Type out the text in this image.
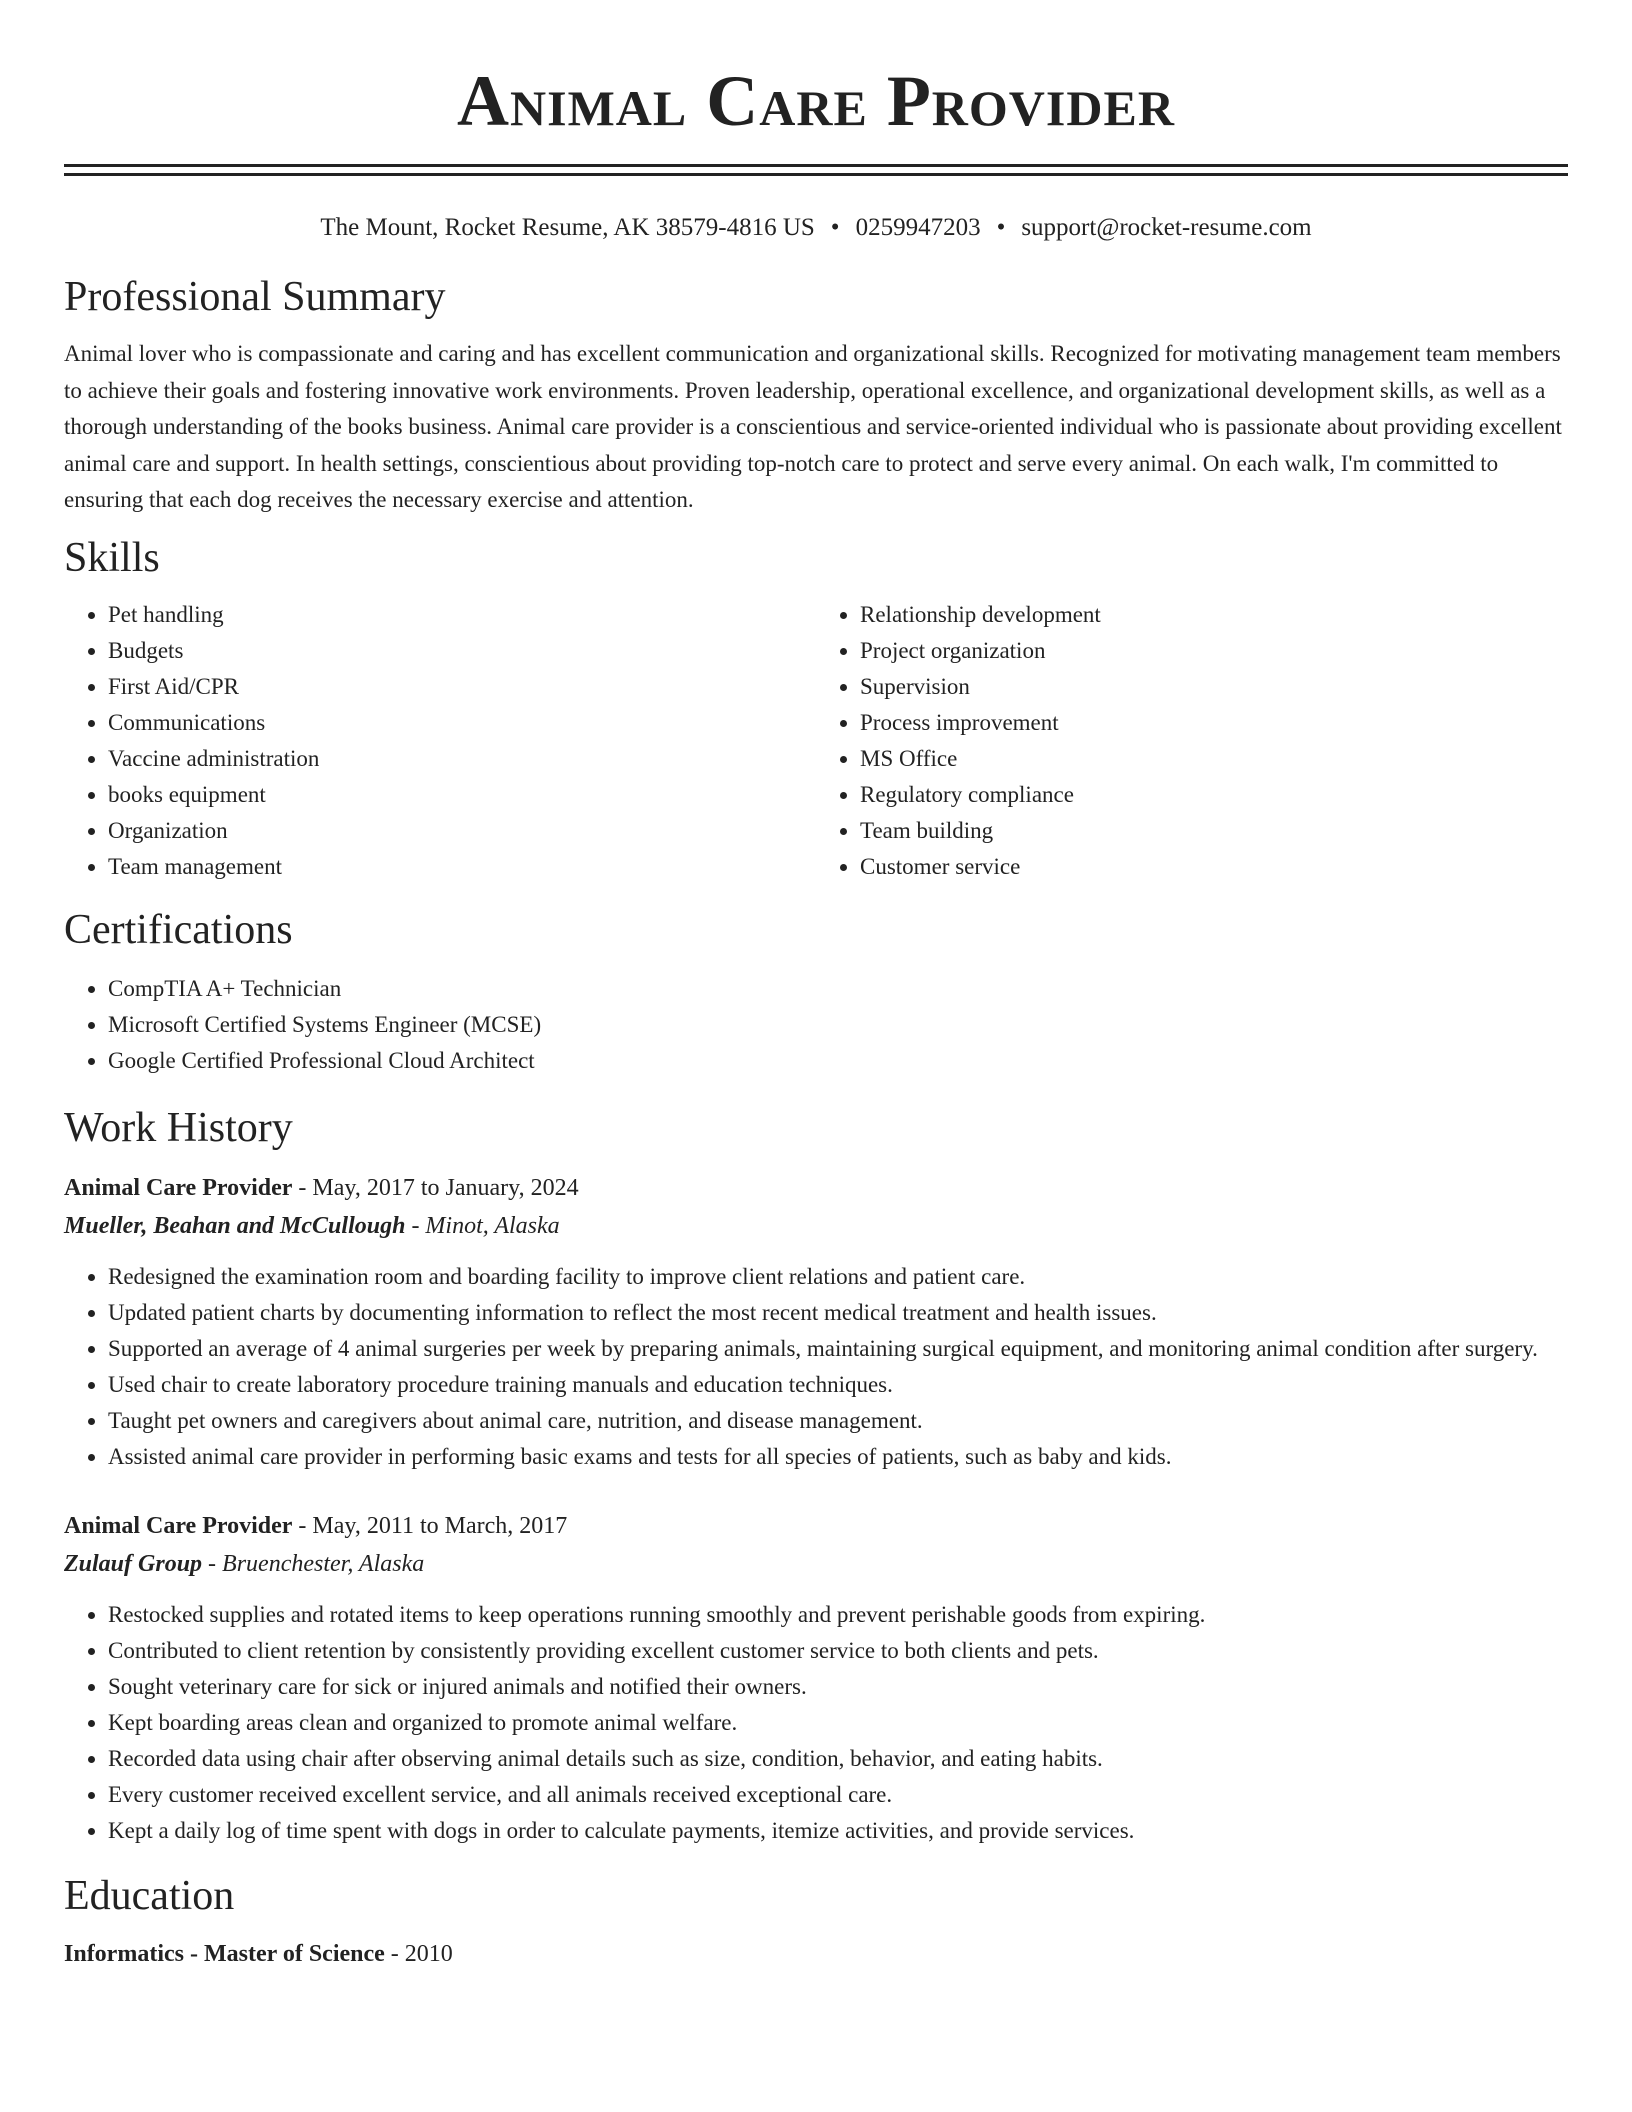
Animal Care Provider
The Mount, Rocket Resume, AK 38579-4816 US • 0259947203 • support@rocket-resume.com
Professional Summary

Animal lover who is compassionate and caring and has excellent communication and organizational skills. Recognized for motivating management team members to achieve their goals and fostering innovative work environments. Proven leadership, operational excellence, and organizational development skills, as well as a thorough understanding of the books business. Animal care provider is a conscientious and service-oriented individual who is passionate about providing excellent animal care and support. In health settings, conscientious about providing top-notch care to protect and serve every animal. On each walk, I'm committed to ensuring that each dog receives the necessary exercise and attention.

Skills
• Pet handling
• Budgets
• First Aid/CPR
• Communications
• Vaccine administration
• books equipment
• Organization
• Team management
• Relationship development
• Project organization
• Supervision
• Process improvement
• MS Office
• Regulatory compliance
• Team building
• Customer service
Certifications
• CompTIA A+ Technician
• Microsoft Certified Systems Engineer (MCSE)
• Google Certified Professional Cloud Architect
Work History
Animal Care Provider - May, 2017 to January, 2024
Mueller, Beahan and McCullough - Minot, Alaska
• Redesigned the examination room and boarding facility to improve client relations and patient care.
• Updated patient charts by documenting information to reflect the most recent medical treatment and health issues.
• Supported an average of 4 animal surgeries per week by preparing animals, maintaining surgical equipment, and monitoring animal condition after surgery.
• Used chair to create laboratory procedure training manuals and education techniques.
• Taught pet owners and caregivers about animal care, nutrition, and disease management.
• Assisted animal care provider in performing basic exams and tests for all species of patients, such as baby and kids.
Animal Care Provider - May, 2011 to March, 2017
Zulauf Group - Bruenchester, Alaska
• Restocked supplies and rotated items to keep operations running smoothly and prevent perishable goods from expiring.
• Contributed to client retention by consistently providing excellent customer service to both clients and pets.
• Sought veterinary care for sick or injured animals and notified their owners.
• Kept boarding areas clean and organized to promote animal welfare.
• Recorded data using chair after observing animal details such as size, condition, behavior, and eating habits.
• Every customer received excellent service, and all animals received exceptional care.
• Kept a daily log of time spent with dogs in order to calculate payments, itemize activities, and provide services.
Education
Informatics - Master of Science - 2010
